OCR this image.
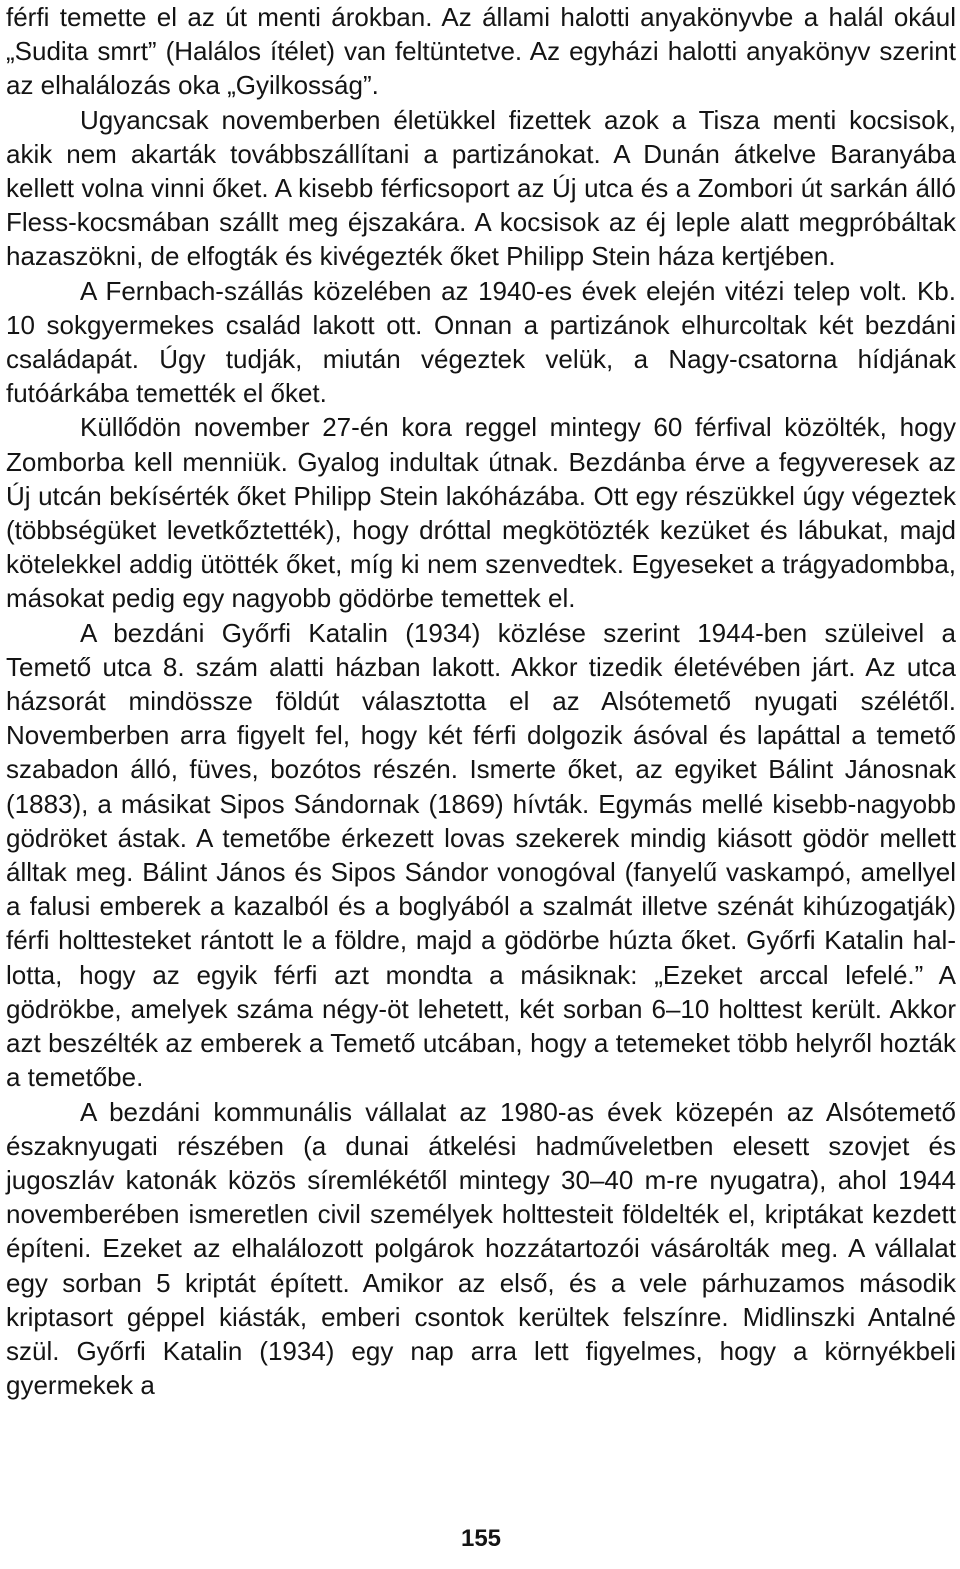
férfi temette el az út menti árokban. Az állami halotti anyakönyvbe a halál okául „Sudita smrt” (Halálos ítélet) van feltüntetve. Az egyházi halotti anyakönyv szerint az elhalálozás oka „Gyilkosság”.

Ugyancsak novemberben életükkel fizettek azok a Tisza menti kocsisok, akik nem akarták továbbszállítani a partizánokat. A Dunán átkelve Baranyába kellett volna vinni őket. A kisebb férficsoport az Új utca és a Zombori út sarkán álló Fless-kocsmában szállt meg éjszakára. A kocsisok az éj leple alatt megpróbáltak hazaszökni, de elfogták és kivégezték őket Philipp Stein háza kertjében.

A Fernbach-szállás közelében az 1940-es évek elején vitézi telep volt. Kb. 10 sokgyermekes család lakott ott. Onnan a partizánok elhurcoltak két bezdáni családapát. Úgy tudják, miután végeztek velük, a Nagy-csatorna hídjának futóárkába temették el őket.

Küllődön november 27-én kora reggel mintegy 60 férfival közölték, hogy Zomborba kell menniük. Gyalog indultak útnak. Bezdánba érve a fegyveresek az Új utcán bekísérték őket Philipp Stein lakóházába. Ott egy részükkel úgy végeztek (többségüket levetkőztették), hogy dróttal megkötözték kezüket és lábukat, majd kötelekkel addig ütötték őket, míg ki nem szenvedtek. Egyeseket a trágyadombba, másokat pedig egy nagyobb gödörbe temettek el.

A bezdáni Győrfi Katalin (1934) közlése szerint 1944-ben szüleivel a Temető utca 8. szám alatti házban lakott. Akkor tizedik életévében járt. Az utca házsorát mindössze földút választotta el az Alsótemető nyugati szélétől. Novemberben arra figyelt fel, hogy két férfi dolgozik ásóval és lapáttal a temető szabadon álló, füves, bozótos részén. Ismerte őket, az egyiket Bálint Jánosnak (1883), a másikat Sipos Sándornak (1869) hívták. Egymás mellé kisebb-nagyobb gödröket ástak. A temetőbe érkezett lovas szekerek mindig kiásott gödör mellett álltak meg. Bálint János és Sipos Sándor vonogóval (fanyelű vaskampó, amellyel a falusi emberek a kazalból és a boglyából a szalmát illetve szénát kihúzogatják) férfi holttesteket rántott le a földre, majd a gödörbe húzta őket. Győrfi Katalin hallotta, hogy az egyik férfi azt mondta a másiknak: „Ezeket arccal lefelé.” A gödrökbe, amelyek száma négy-öt lehetett, két sorban 6–10 holttest került. Akkor azt beszélték az emberek a Temető utcában, hogy a tetemeket több helyről hozták a temetőbe.

A bezdáni kommunális vállalat az 1980-as évek közepén az Alsótemető északnyugati részében (a dunai átkelési hadműveletben elesett szovjet és jugoszláv katonák közös síremlékétől mintegy 30–40 m-re nyugatra), ahol 1944 novemberében ismeretlen civil személyek holttesteit földelték el, kriptákat kezdett építeni. Ezeket az elhalálozott polgárok hozzátartozói vásárolták meg. A vállalat egy sorban 5 kriptát épített. Amikor az első, és a vele párhuzamos második kriptasort géppel kiásták, emberi csontok kerültek felszínre. Midlinszki Antalné szül. Győrfi Katalin (1934) egy nap arra lett figyelmes, hogy a környékbeli gyermekek a

155
